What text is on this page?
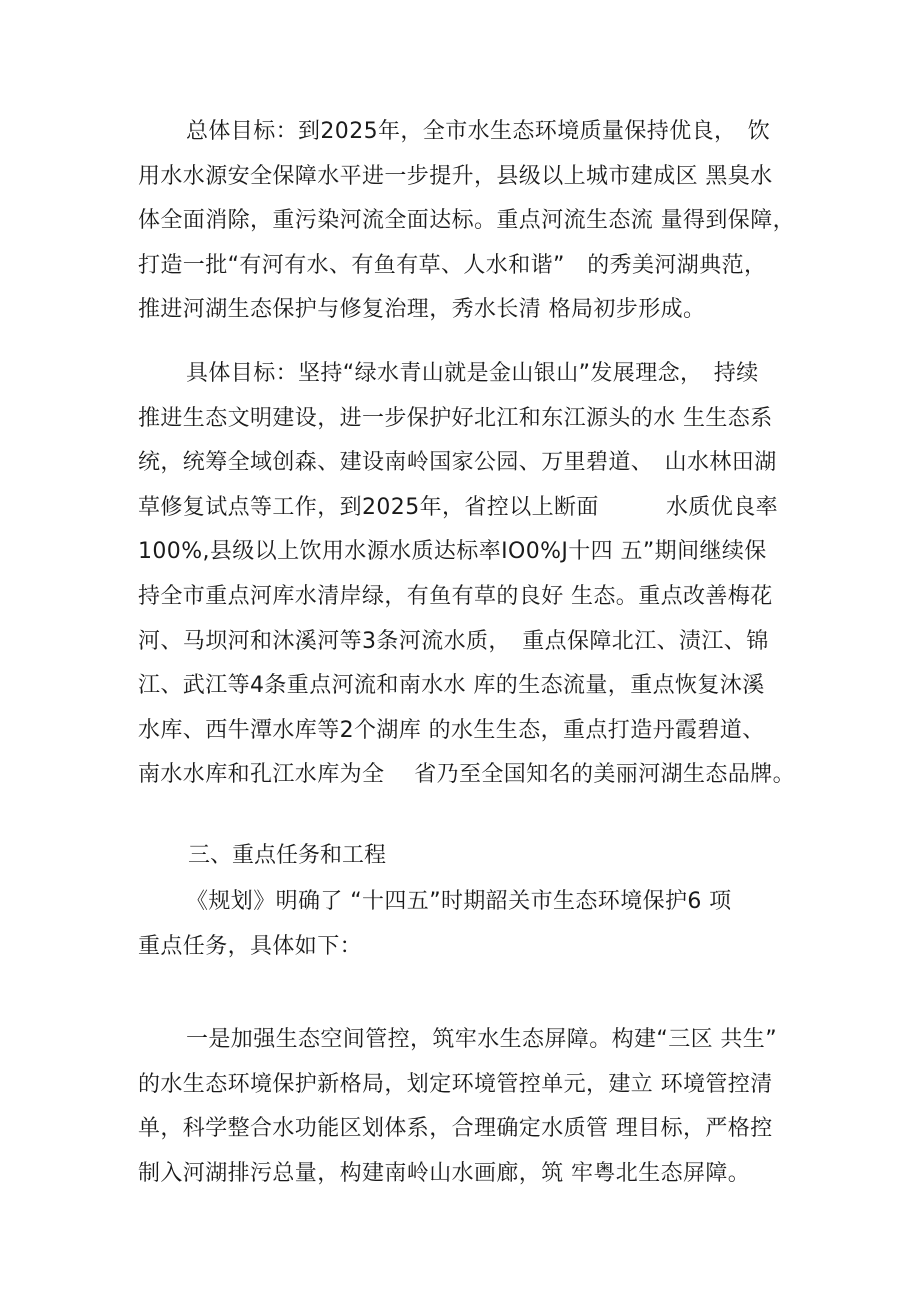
总体目标：到2025年，全市水生态环境质量保持优良，　饮
用水水源安全保障水平进一步提升，县级以上城市建成区 黑臭水
体全面消除，重污染河流全面达标。重点河流生态流 量得到保障，
打造一批“有河有水、有鱼有草、人水和谐”　的秀美河湖典范，
推进河湖生态保护与修复治理，秀水长清 格局初步形成。
具体目标：坚持“绿水青山就是金山银山”发展理念，　持续
推进生态文明建设，进一步保护好北江和东江源头的水 生生态系
统，统筹全域创森、建设南岭国家公园、万里碧道、　山水林田湖
草修复试点等工作，到2025年，省控以上断面　　　水质优良率
100%,县级以上饮用水源水质达标率IO0%J十四 五”期间继续保
持全市重点河库水清岸绿，有鱼有草的良好 生态。重点改善梅花
河、马坝河和沐溪河等3条河流水质，　重点保障北江、渍江、锦
江、武江等4条重点河流和南水水 库的生态流量，重点恢复沐溪
水库、西牛潭水库等2个湖库 的水生生态，重点打造丹霞碧道、
南水水库和孔江水库为全　 省乃至全国知名的美丽河湖生态品牌。
三、重点任务和工程
《规划》明确了 “十四五”时期韶关市生态环境保护6 项
重点任务，具体如下：
一是加强生态空间管控，筑牢水生态屏障。构建“三区 共生”
的水生态环境保护新格局，划定环境管控单元，建立 环境管控清
单，科学整合水功能区划体系，合理确定水质管 理目标，严格控
制入河湖排污总量，构建南岭山水画廊，筑 牢粤北生态屏障。
